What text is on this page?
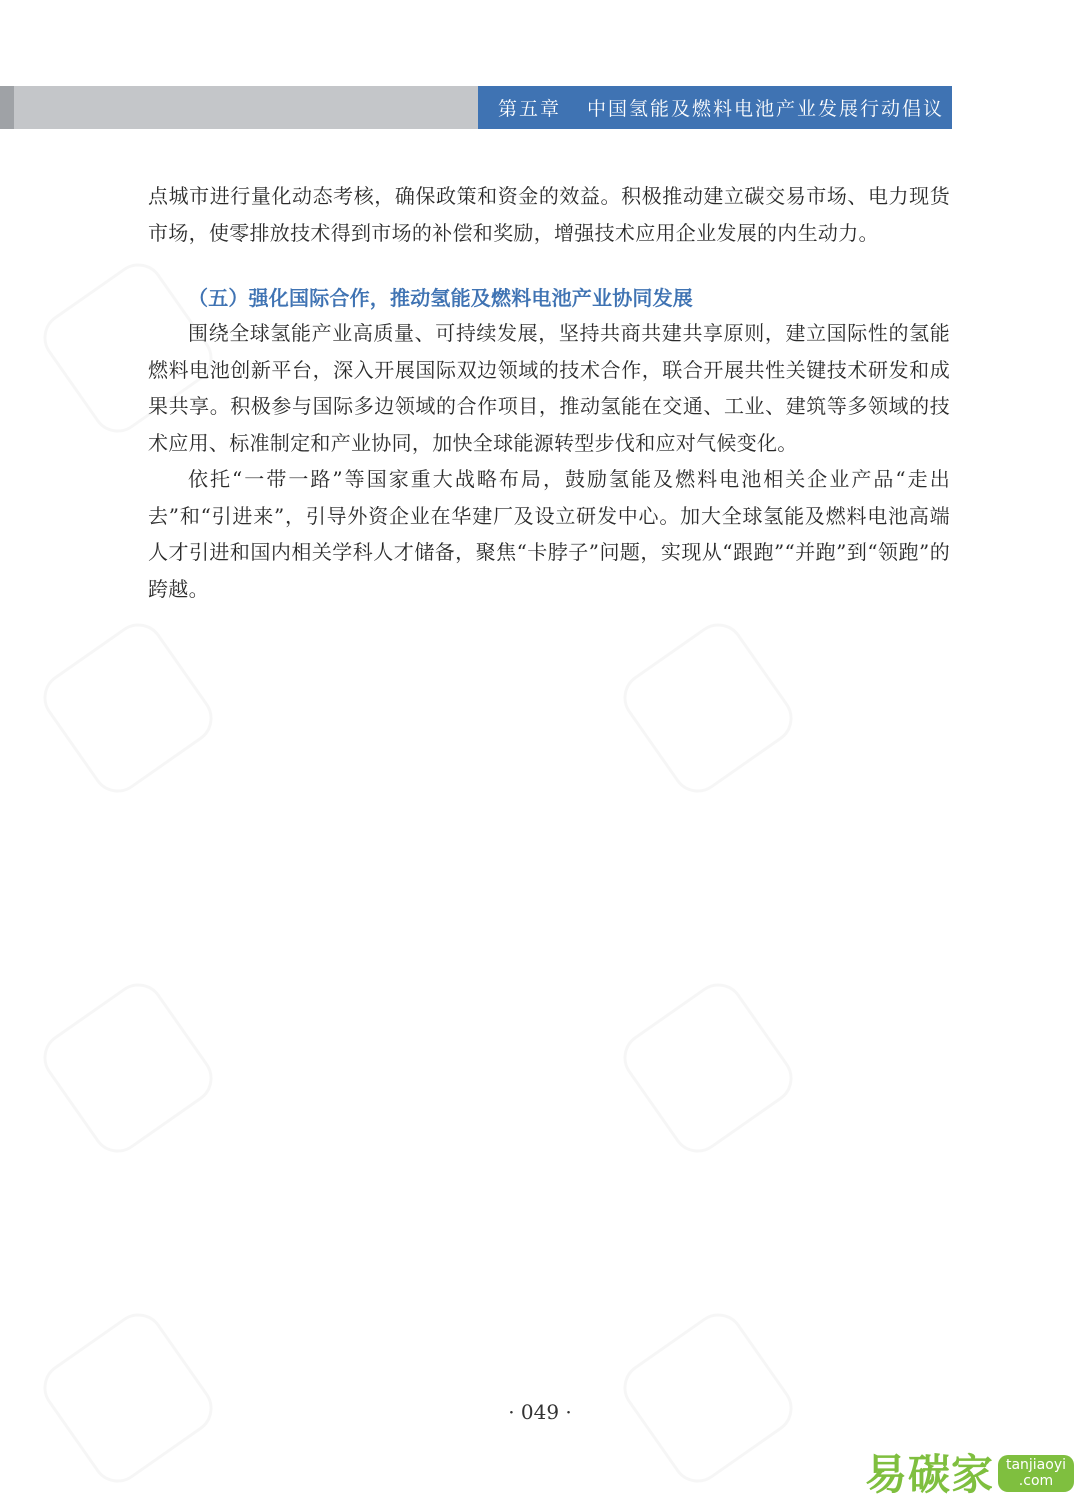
第五章 中国氢能及燃料电池产业发展行动倡议

点城市进行量化动态考核，确保政策和资金的效益。积极推动建立碳交易市场、电力现货市场，使零排放技术得到市场的补偿和奖励，增强技术应用企业发展的内生动力。

（五）强化国际合作，推动氢能及燃料电池产业协同发展

围绕全球氢能产业高质量、可持续发展，坚持共商共建共享原则，建立国际性的氢能燃料电池创新平台，深入开展国际双边领域的技术合作，联合开展共性关键技术研发和成果共享。积极参与国际多边领域的合作项目，推动氢能在交通、工业、建筑等多领域的技术应用、标准制定和产业协同，加快全球能源转型步伐和应对气候变化。

依托“一带一路”等国家重大战略布局，鼓励氢能及燃料电池相关企业产品“走出去”和“引进来”，引导外资企业在华建厂及设立研发中心。加大全球氢能及燃料电池高端人才引进和国内相关学科人才储备，聚焦“卡脖子”问题，实现从“跟跑”“并跑”到“领跑”的跨越。

· 049 ·
易碳家 tanjiaoyi
.com
